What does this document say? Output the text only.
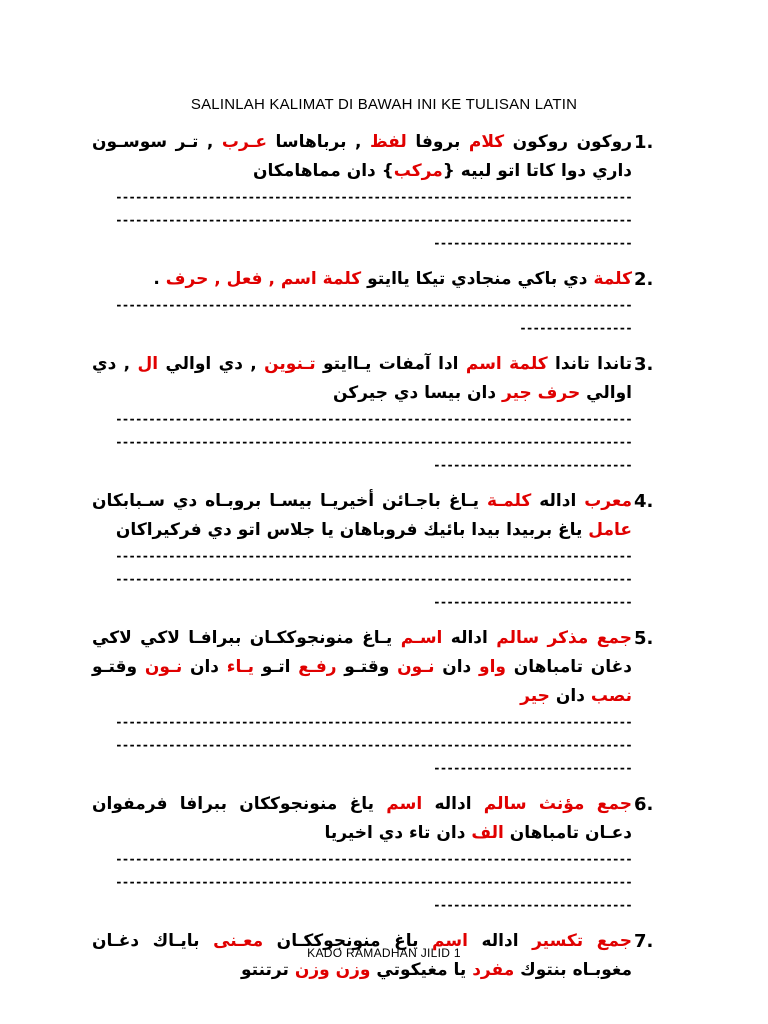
SALINLAH KALIMAT DI BAWAH INI KE TULISAN LATIN
1.

روكون روكون كلام بروفا لفظ , برباهاسا عـرب , تـر سوسـون داري دوا كاتا اتو لبيه {مركب} دان مماهامكان

------------------------------------------------------------------------------
------------------------------------------------------------------------------
------------------------------
2.

كلمة دي باكي منجادي تيكا ياايتو كلمة اسم , فعل , حرف .

------------------------------------------------------------------------------
-----------------
3.

تاندا تاندا كلمة اسم ادا آمفات يـاايتو تـنوين , دي اوالي ال , دي اوالي حرف جير دان بيسا دي جيركن

------------------------------------------------------------------------------
------------------------------------------------------------------------------
------------------------------
4.

معرب اداله كلمـة يـاغ باجـائن أخيريـا بيسـا بروبـاه دي سـبابكان عامل ياغ بربيدا بيدا بائيك فروباهان يا جلاس اتو دي فركيراكان

------------------------------------------------------------------------------
------------------------------------------------------------------------------
------------------------------
5.

جمع مذكر سالم اداله اسـم يـاغ منونجوككـان ببرافـا لاكي لاكي دغان تامباهان واو دان نـون وقتـو رفـع اتـو يـاء دان نـون وقتـو نصب دان جير

------------------------------------------------------------------------------
------------------------------------------------------------------------------
------------------------------
6.

جمع مؤنث سالم اداله اسم ياغ منونجوككان ببرافا فرمفوان دعـان تامباهان الف دان تاء دي اخيريا

------------------------------------------------------------------------------
------------------------------------------------------------------------------
------------------------------
7.

جمع تكسير اداله اسم ياغ منونجوككـان معـنى بايـاك دغـان مغوبـاه بنتوك مفرد يا مغيكوتي وزن وزن ترتنتو

KADO RAMADHAN JILID 1
